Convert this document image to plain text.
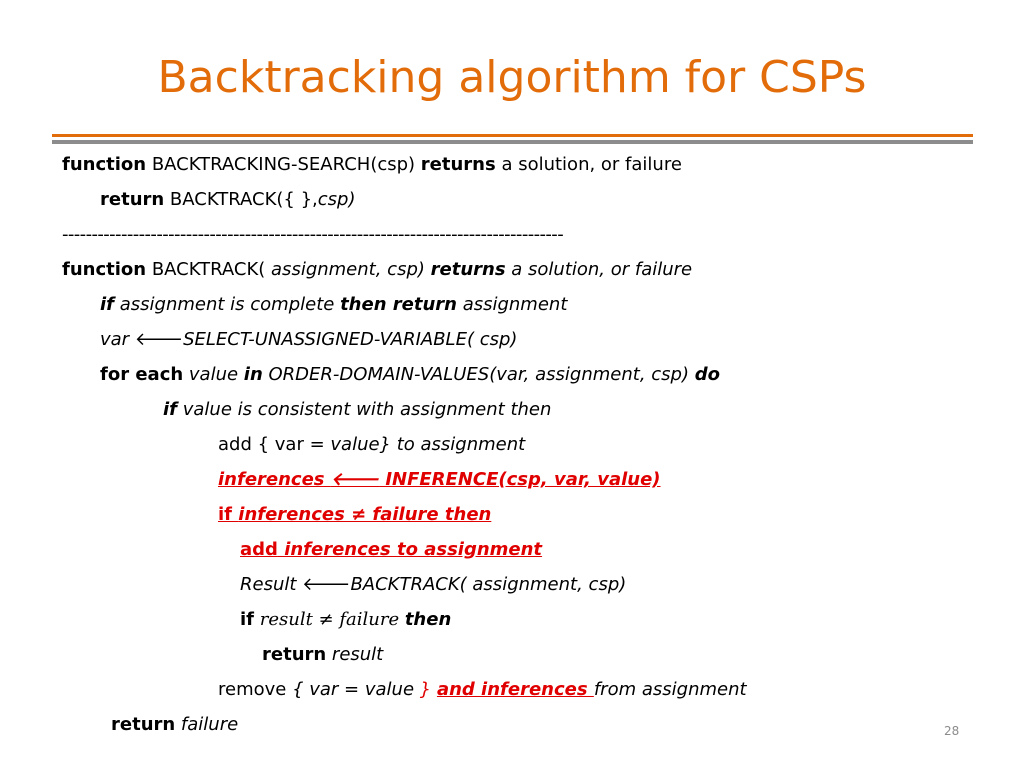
Backtracking algorithm for CSPs
function BACKTRACKING-SEARCH(csp) returns a solution, or failure
return BACKTRACK({ },csp)
-------------------------------------------------------------------------------------
function BACKTRACK( assignment, csp) returns a solution, or failure
if assignment is complete then return assignment
var 🡐SELECT-UNASSIGNED-VARIABLE( csp)
for each value in ORDER-DOMAIN-VALUES(var, assignment, csp) do
if value is consistent with assignment then
add { var = value} to assignment
inferences 🡐 INFERENCE(csp, var, value)
if inferences ≠ failure then
add inferences to assignment
Result 🡐BACKTRACK( assignment, csp)
if result ≠ failure then
return result
remove { var = value } and inferences from assignment
return failure	28
